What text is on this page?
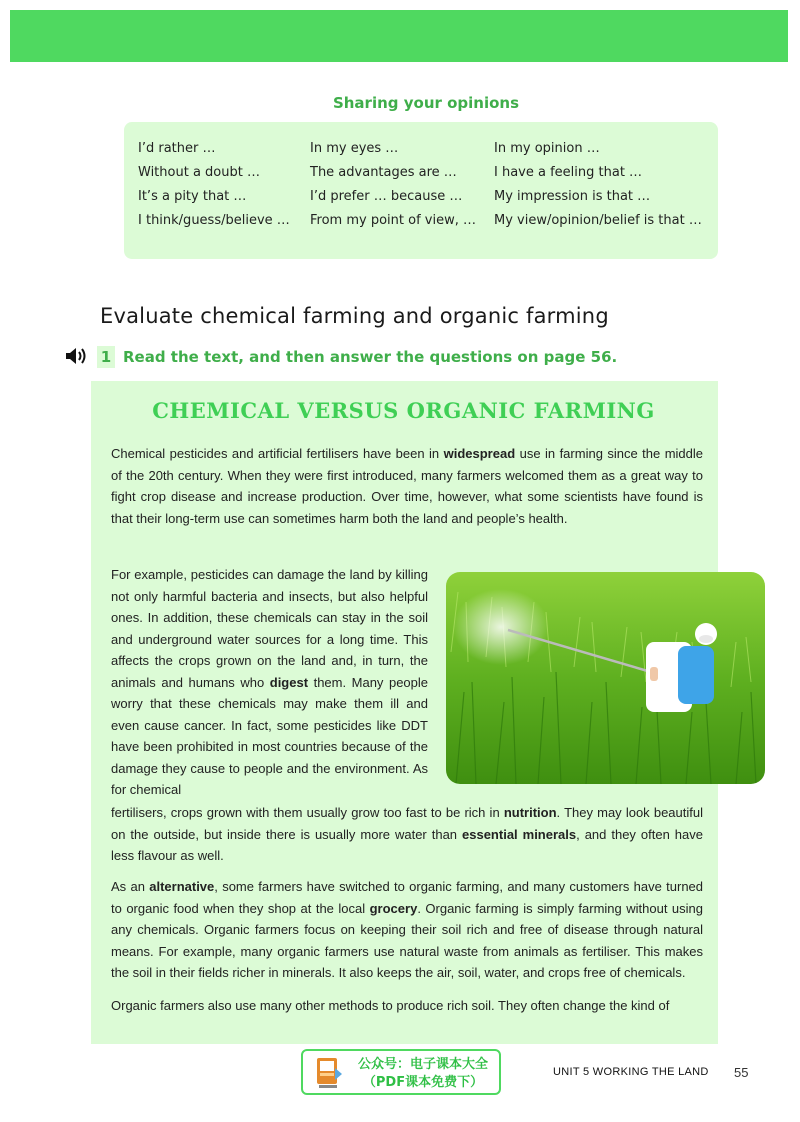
Sharing your opinions
I’d rather …	In my eyes …	In my opinion …
Without a doubt …	The advantages are …	I have a feeling that …
It’s a pity that …	I’d prefer … because …	My impression is that …
I think/guess/believe …	From my point of view, …	My view/opinion/belief is that …
Evaluate chemical farming and organic farming
1 Read the text, and then answer the questions on page 56.
CHEMICAL VERSUS ORGANIC FARMING

Chemical pesticides and artificial fertilisers have been in widespread use in farming since the middle of the 20th century. When they were first introduced, many farmers welcomed them as a great way to fight crop disease and increase production. Over time, however, what some scientists have found is that their long-term use can sometimes harm both the land and people’s health.

For example, pesticides can damage the land by killing not only harmful bacteria and insects, but also helpful ones. In addition, these chemicals can stay in the soil and underground water sources for a long time. This affects the crops grown on the land and, in turn, the animals and humans who digest them. Many people worry that these chemicals may make them ill and even cause cancer. In fact, some pesticides like DDT have been prohibited in most countries because of the damage they cause to people and the environment. As for chemical

fertilisers, crops grown with them usually grow too fast to be rich in nutrition. They may look beautiful on the outside, but inside there is usually more water than essential minerals, and they often have less flavour as well.

As an alternative, some farmers have switched to organic farming, and many customers have turned to organic food when they shop at the local grocery. Organic farming is simply farming without using any chemicals. Organic farmers focus on keeping their soil rich and free of disease through natural means. For example, many organic farmers use natural waste from animals as fertiliser. This makes the soil in their fields richer in minerals. It also keeps the air, soil, water, and crops free of chemicals.

Organic farmers also use many other methods to produce rich soil. They often change the kind of

公众号：电子课本大全
（PDF课本免费下）
UNIT 5 WORKING THE LAND 55
